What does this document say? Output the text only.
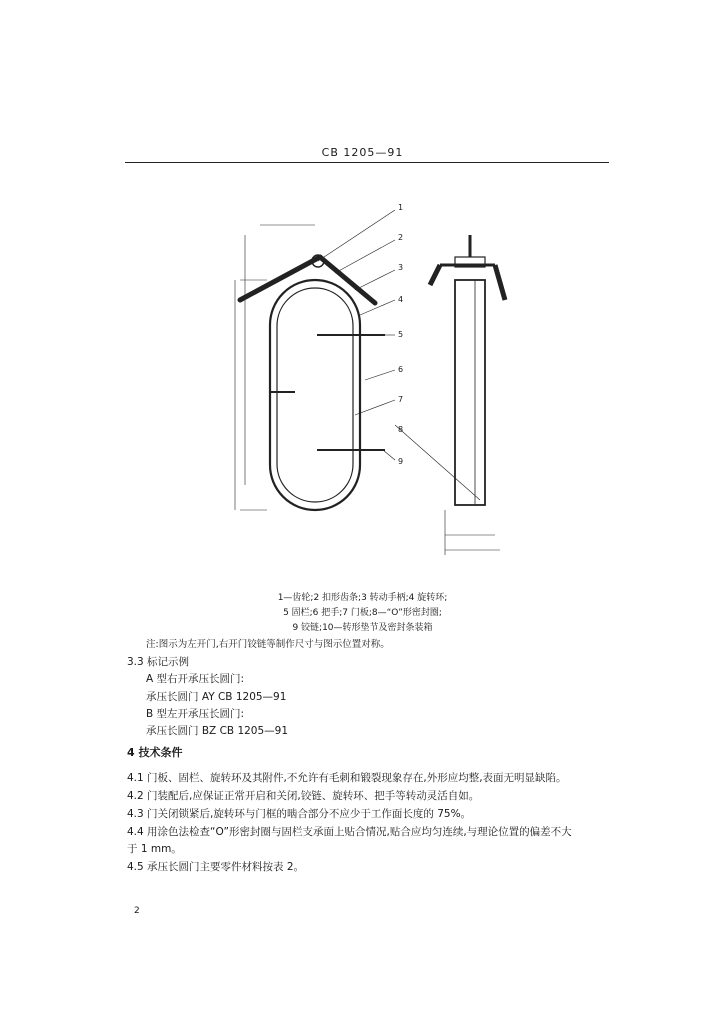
CB 1205—91
1
2
3
4
5
6
7
8
9
1—齿轮;2 扣形齿条;3 转动手柄;4 旋转环;
5 固栏;6 把手;7 门板;8—“O”形密封圈;
9 铰链;10—转形垫节及密封条装箱
注:图示为左开门,右开门铰链等制作尺寸与图示位置对称。
3.3 标记示例
A 型右开承压长圆门:
承压长圆门 AY CB 1205—91
B 型左开承压长圆门:
承压长圆门 BZ CB 1205—91
4 技术条件
4.1 门板、固栏、旋转环及其附件,不允许有毛刺和锻裂现象存在,外形应均整,表面无明显缺陷。
4.2 门装配后,应保证正常开启和关闭,铰链、旋转环、把手等转动灵活自如。
4.3 门关闭锁紧后,旋转环与门框的啮合部分不应少于工作面长度的 75%。
4.4 用涂色法检查“O”形密封圈与固栏支承面上贴合情况,贴合应均匀连续,与理论位置的偏差不大
于 1 mm。
4.5 承压长圆门主要零件材料按表 2。
2
